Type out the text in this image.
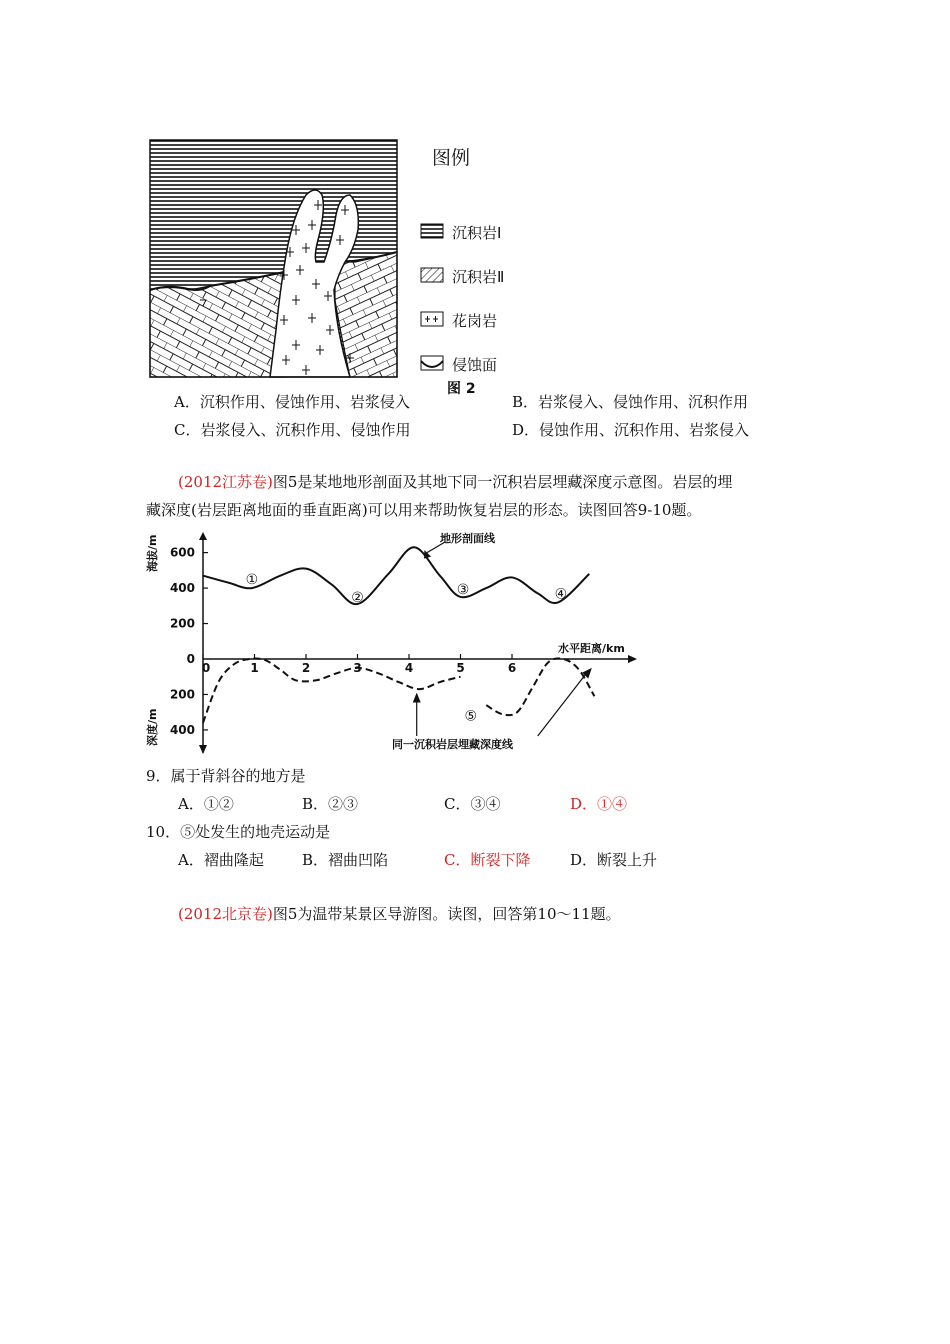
图例
沉积岩Ⅰ
沉积岩Ⅱ
花岗岩
侵蚀面
图 2
A．沉积作用、侵蚀作用、岩浆侵入	B．岩浆侵入、侵蚀作用、沉积作用
C．岩浆侵入、沉积作用、侵蚀作用	D．侵蚀作用、沉积作用、岩浆侵入
(2012江苏卷)图5是某地地形剖面及其地下同一沉积岩层埋藏深度示意图。岩层的埋
藏深度(岩层距离地面的垂直距离)可以用来帮助恢复岩层的形态。读图回答9-10题。
600
400
200
0
200
400
0	1	2	3	4	5	6
①
②	③	④
⑤
海拔/m
深度/m
水平距离/km
地形剖面线
同一沉积岩层埋藏深度线
9．属于背斜谷的地方是
A．①②	B．②③	C．③④	D．①④
10．⑤处发生的地壳运动是
A．褶曲隆起	B．褶曲凹陷	C．断裂下降	D．断裂上升
(2012北京卷)图5为温带某景区导游图。读图，回答第10～11题。
